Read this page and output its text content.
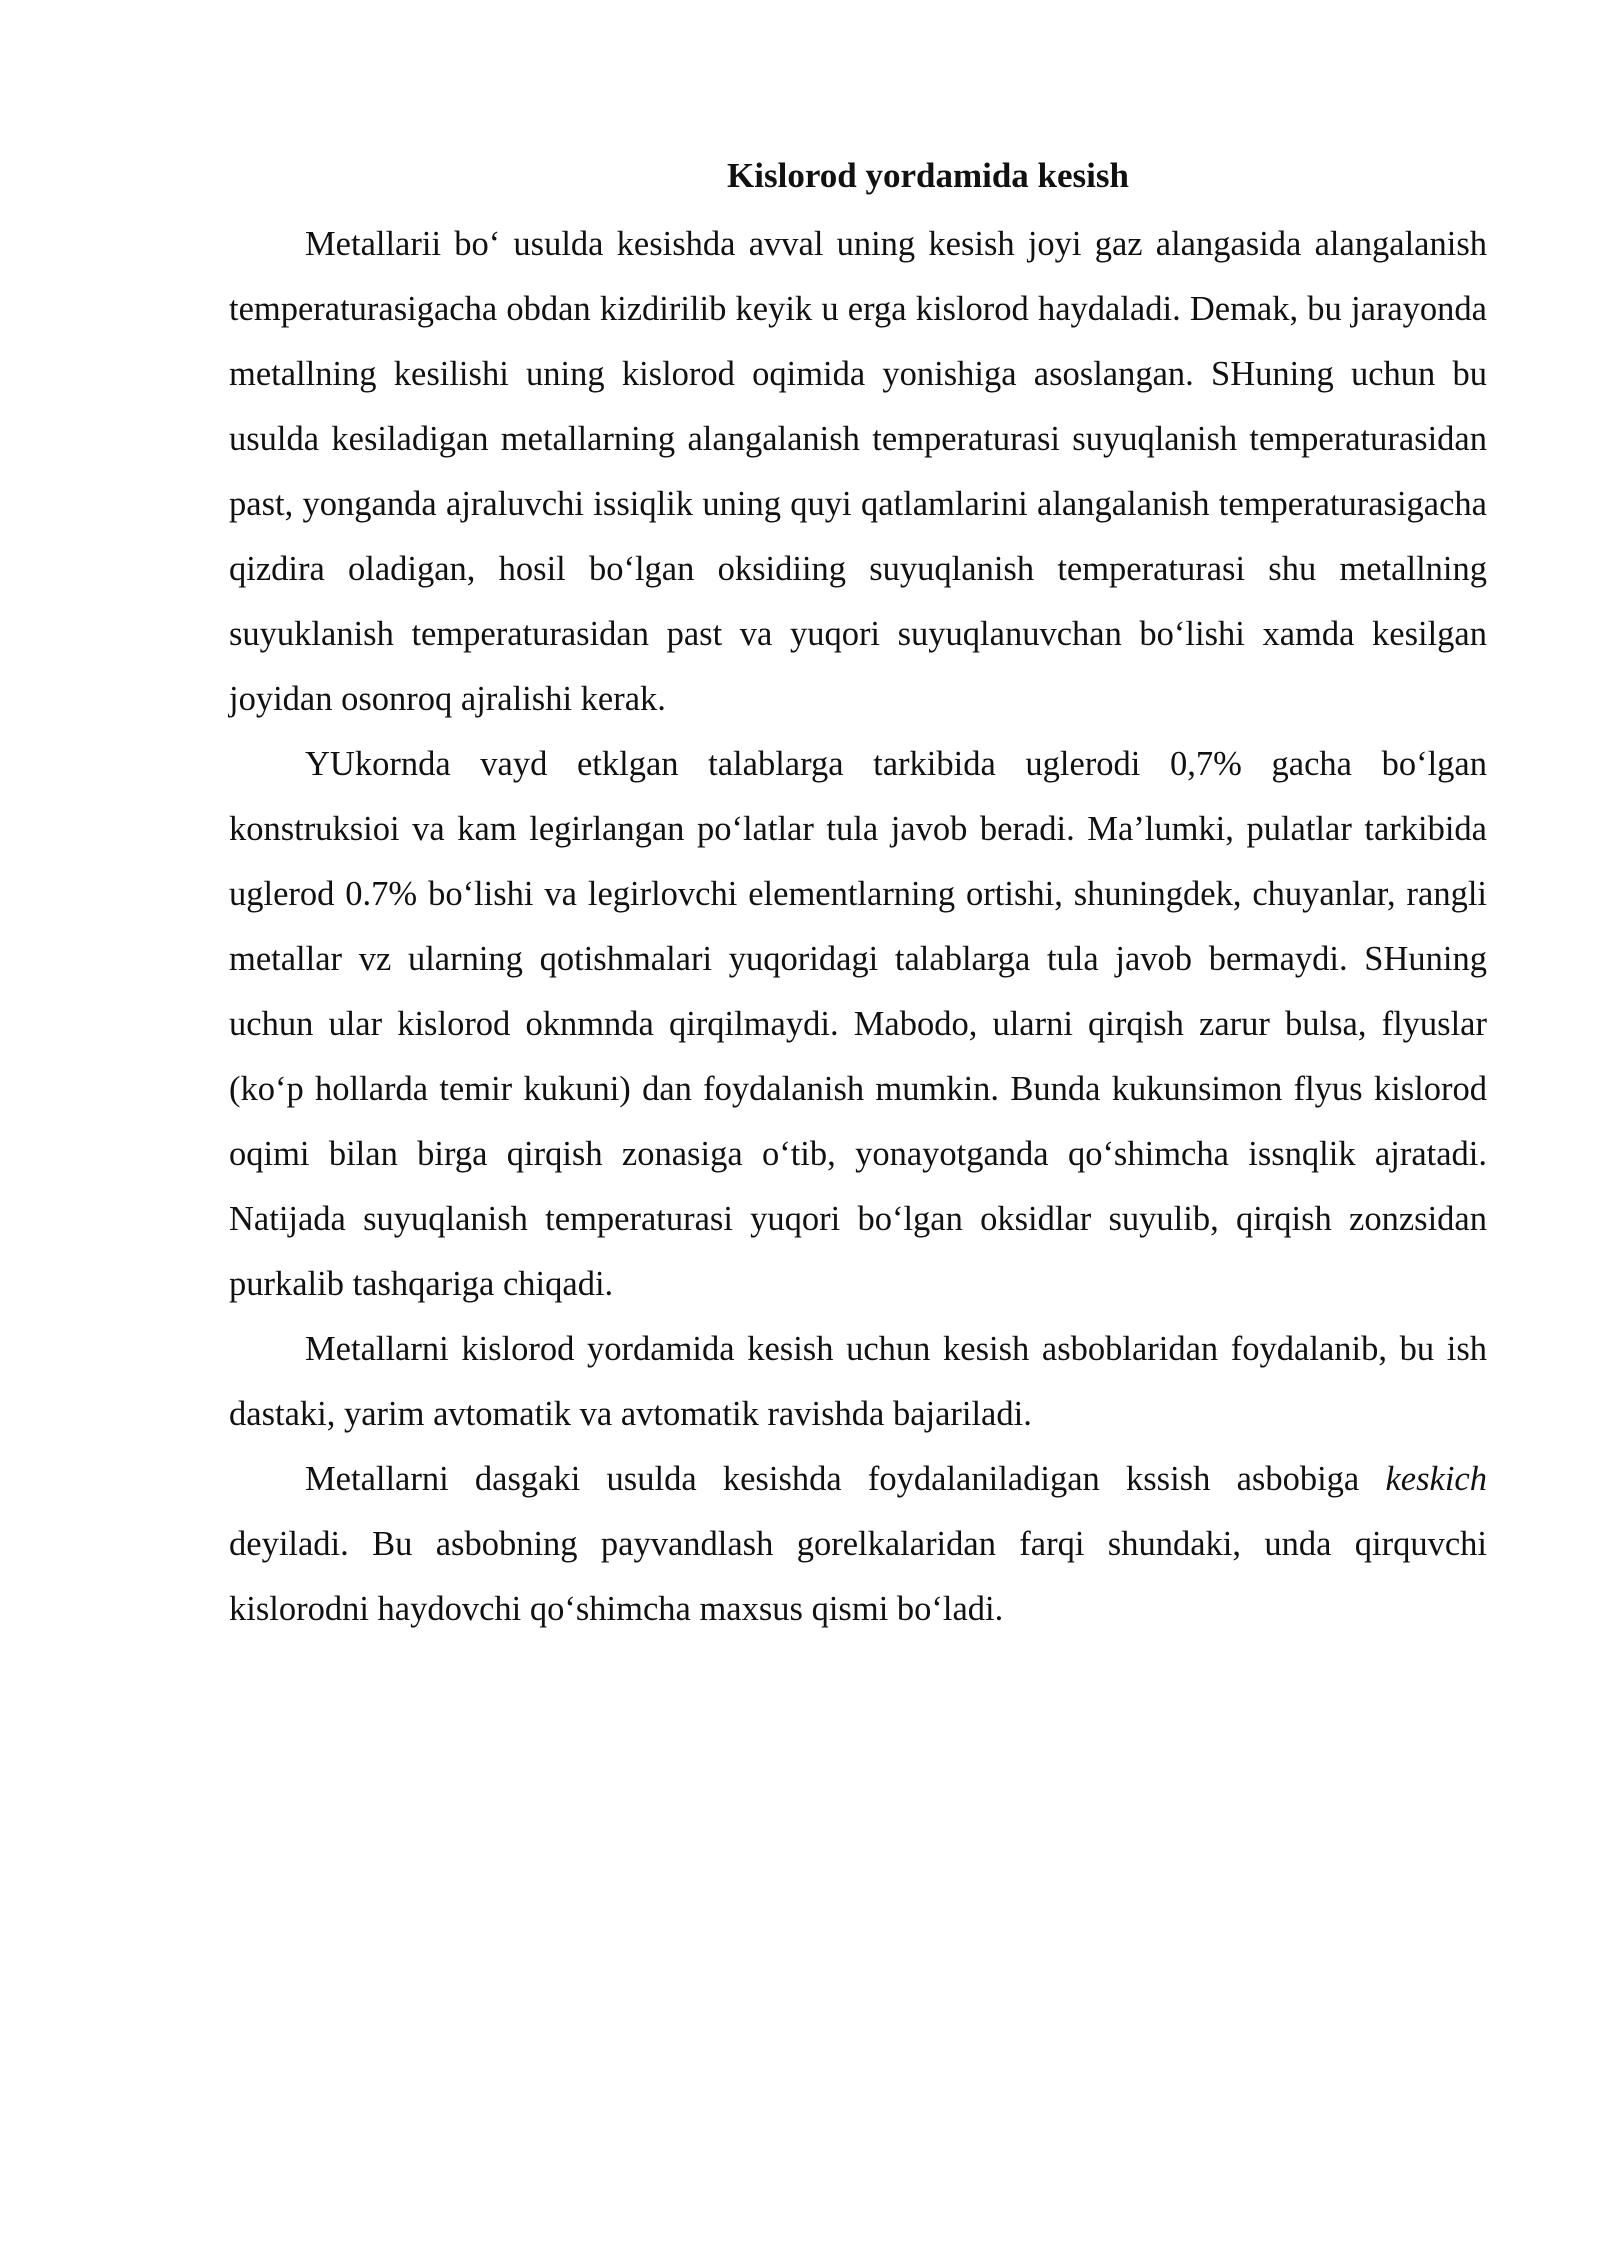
Kislorod yordamida kesish

Metallarii bo‘ usulda kesishda avval uning kesish joyi gaz alangasida alangalanish temperaturasigacha obdan kizdirilib keyik u erga kislorod haydaladi. Demak, bu jarayonda metallning kesilishi uning kislorod oqimida yonishiga asoslangan. SHuning uchun bu usulda kesiladigan metallarning alangalanish temperaturasi suyuqlanish temperaturasidan past, yonganda ajraluvchi issiqlik uning quyi qatlamlarini alangalanish temperaturasigacha qizdira oladigan, hosil bo‘lgan oksidiing suyuqlanish temperaturasi shu metallning suyuklanish temperaturasidan past va yuqori suyuqlanuvchan bo‘lishi xamda kesilgan joyidan osonroq ajralishi kerak.

YUkornda vayd etklgan talablarga tarkibida uglerodi 0,7% gacha bo‘lgan konstruksioi va kam legirlangan po‘latlar tula javob beradi. Ma’lumki, pulatlar tarkibida uglerod 0.7% bo‘lishi va legirlovchi elementlarning ortishi, shuningdek, chuyanlar, rangli metallar vz ularning qotishmalari yuqoridagi talablarga tula javob bermaydi. SHuning uchun ular kislorod oknmnda qirqilmaydi. Mabodo, ularni qirqish zarur bulsa, flyuslar (ko‘p hollarda temir kukuni) dan foydalanish mumkin. Bunda kukunsimon flyus kislorod oqimi bilan birga qirqish zonasiga o‘tib, yonayotganda qo‘shimcha issnqlik ajratadi. Natijada suyuqlanish temperaturasi yuqori bo‘lgan oksidlar suyulib, qirqish zonzsidan purkalib tashqariga chiqadi.

Metallarni kislorod yordamida kesish uchun kesish asboblaridan foydalanib, bu ish dastaki, yarim avtomatik va avtomatik ravishda bajariladi.

Metallarni dasgaki usulda kesishda foydalaniladigan kssish asbobiga keskich deyiladi. Bu asbobning payvandlash gorelkalaridan farqi shundaki, unda qirquvchi kislorodni haydovchi qo‘shimcha maxsus qismi bo‘ladi.
